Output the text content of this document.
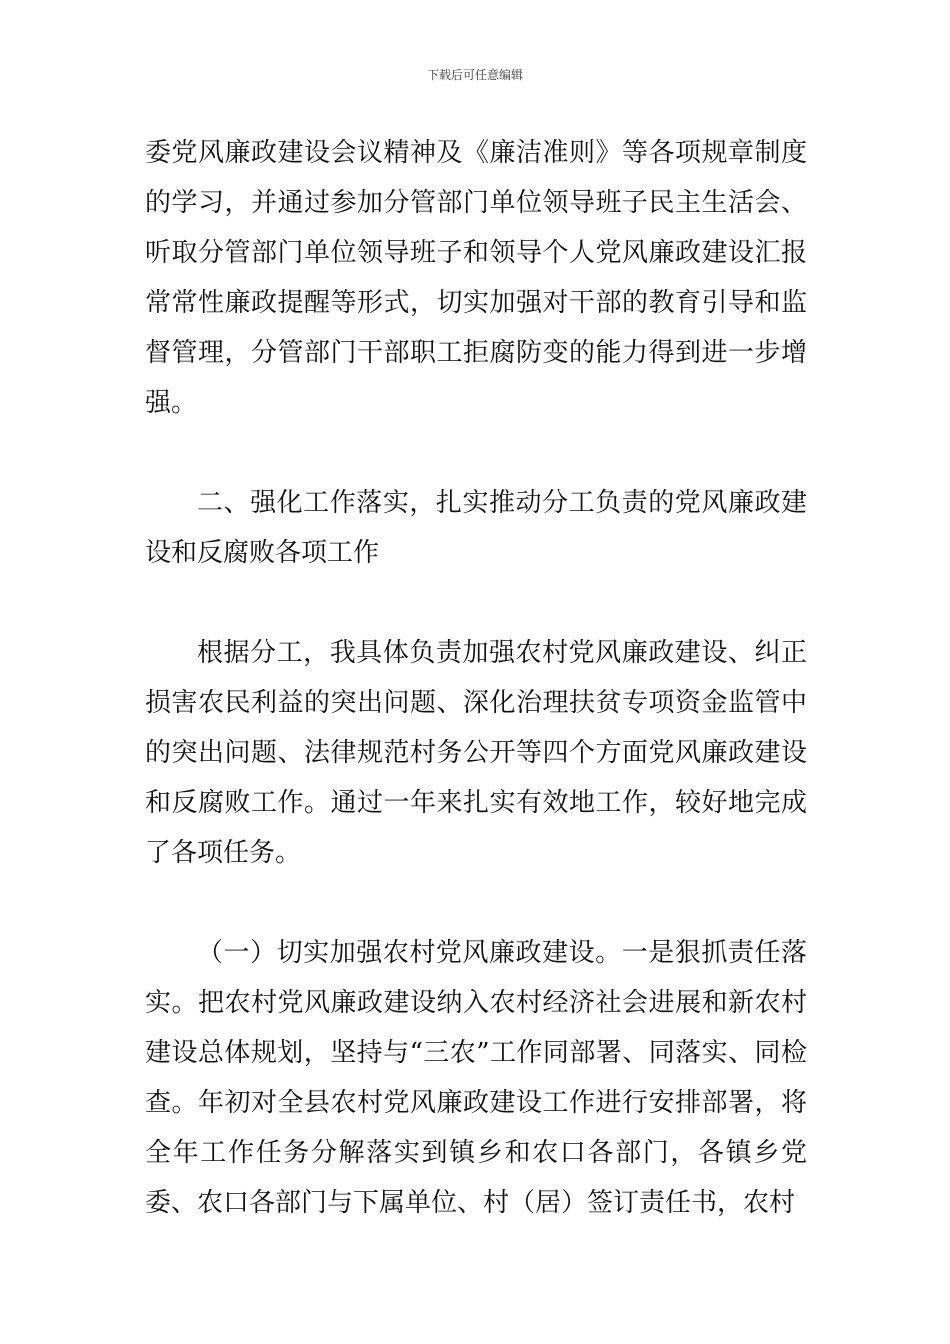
下载后可任意编辑

委党风廉政建设会议精神及《廉洁准则》等各项规章制度的学习，并通过参加分管部门单位领导班子民主生活会、听取分管部门单位领导班子和领导个人党风廉政建设汇报常常性廉政提醒等形式，切实加强对干部的教育引导和监督管理，分管部门干部职工拒腐防变的能力得到进一步增强。

二、强化工作落实，扎实推动分工负责的党风廉政建设和反腐败各项工作

根据分工，我具体负责加强农村党风廉政建设、纠正损害农民利益的突出问题、深化治理扶贫专项资金监管中的突出问题、法律规范村务公开等四个方面党风廉政建设和反腐败工作。通过一年来扎实有效地工作，较好地完成了各项任务。

（一）切实加强农村党风廉政建设。一是狠抓责任落实。把农村党风廉政建设纳入农村经济社会进展和新农村建设总体规划，坚持与“三农”工作同部署、同落实、同检查。年初对全县农村党风廉政建设工作进行安排部署，将全年工作任务分解落实到镇乡和农口各部门，各镇乡党委、农口各部门与下属单位、村（居）签订责任书，农村
